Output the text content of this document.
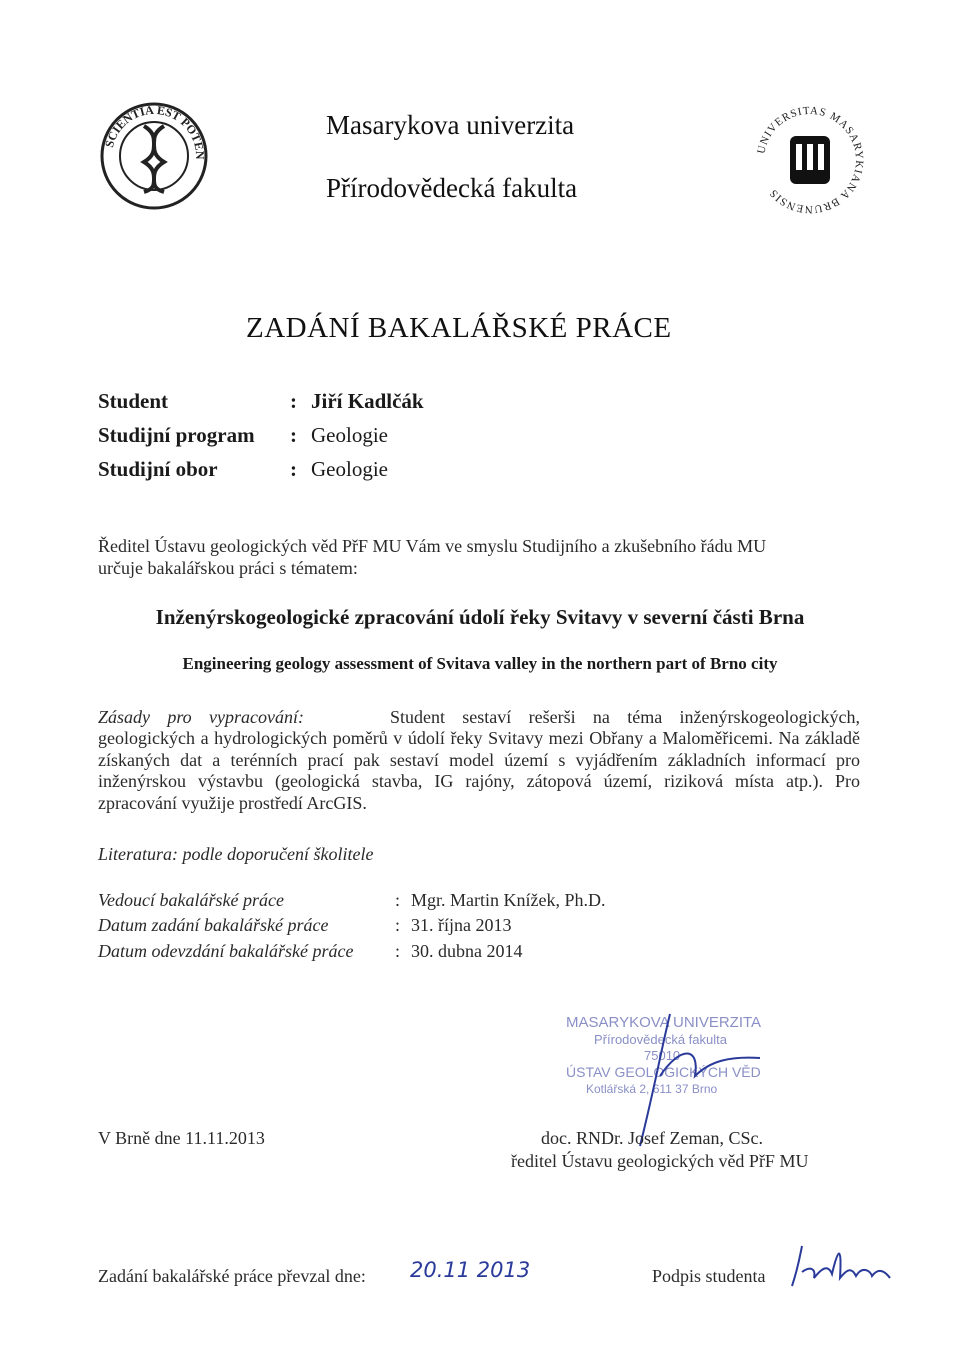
SCIENTIA EST POTEN
UNIVERSITAS MASARYKIANA BRUNENSIS
Masarykova univerzita
Přírodovědecká fakulta
ZADÁNÍ BAKALÁŘSKÉ PRÁCE
Student	: Jiří Kadlčák
Studijní program : Geologie
Studijní obor	: Geologie
Ředitel Ústavu geologických věd PřF MU Vám ve smyslu Studijního a zkušebního řádu MU
určuje bakalářskou práci s tématem:
Inženýrskogeologické zpracování údolí řeky Svitavy v severní části Brna
Engineering geology assessment of Svitava valley in the northern part of Brno city
Zásady pro vypracování:	Student sestaví rešerši na téma inženýrskogeologických, geologických a hydrologických poměrů v údolí řeky Svitavy mezi Obřany a Maloměřicemi. Na základě získaných dat a terénních prací pak sestaví model území s vyjádřením základních informací pro inženýrskou výstavbu (geologická stavba, IG rajóny, zátopová území, riziková místa atp.). Pro zpracování využije prostředí ArcGIS.
Literatura: podle doporučení školitele
Vedoucí bakalářské práce	: Mgr. Martin Knížek, Ph.D.
Datum zadání bakalářské práce	: 31. října 2013
Datum odevzdání bakalářské práce : 30. dubna 2014
MASARYKOVA UNIVERZITA
Přírodovědecká fakulta
75010
ÚSTAV GEOLOGICKÝCH VĚD
Kotlářská 2, 611 37 Brno
V Brně dne 11.11.2013	doc. RNDr. Josef Zeman, CSc.
ředitel Ústavu geologických věd PřF MU
Zadání bakalářské práce převzal dne: 20.11 2013	Podpis studenta
